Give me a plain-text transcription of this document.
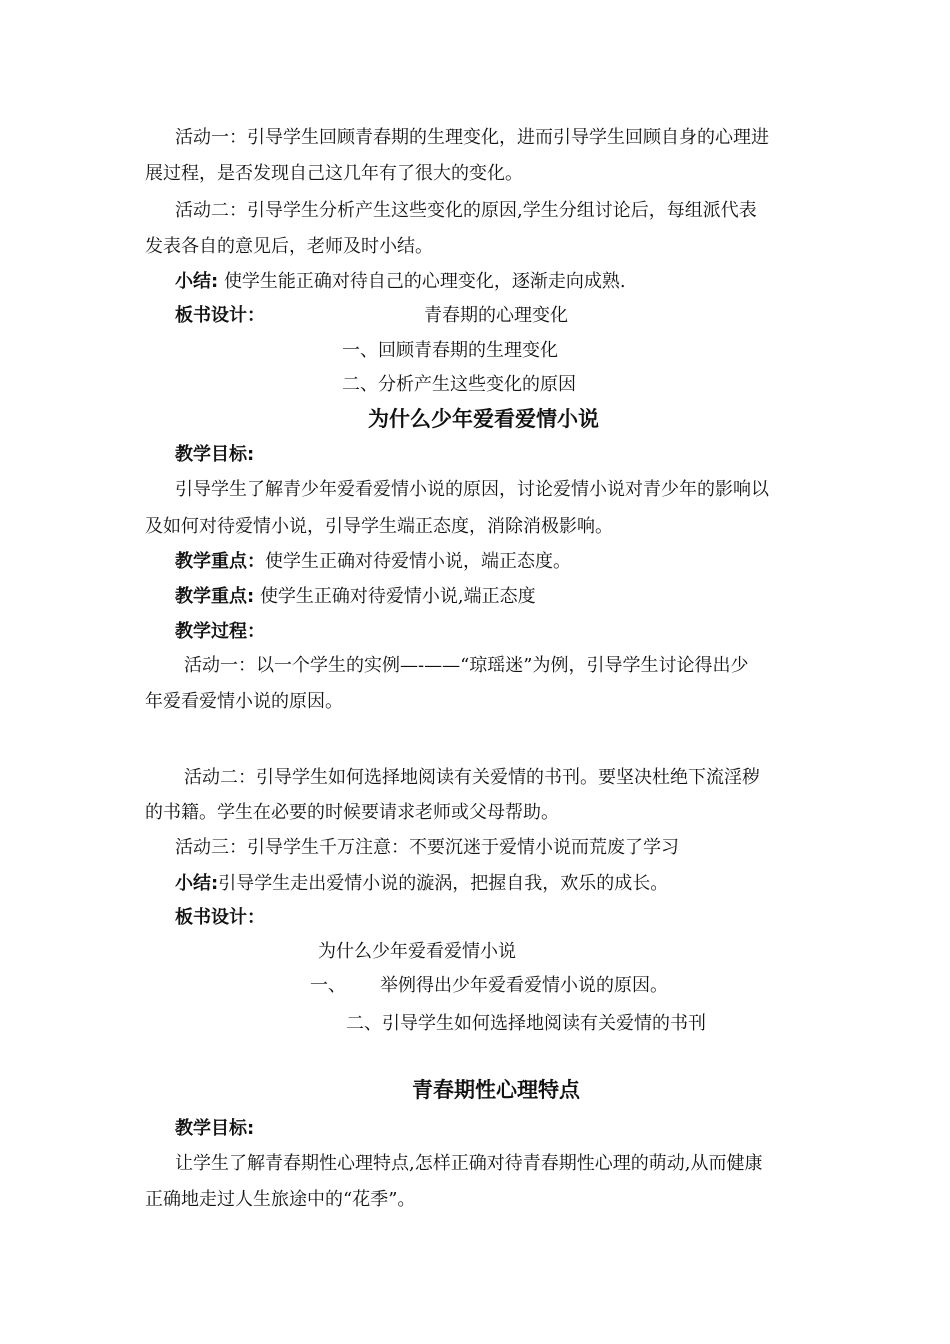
活动一：引导学生回顾青春期的生理变化，进而引导学生回顾自身的心理进

展过程，是否发现自己这几年有了很大的变化。

活动二：引导学生分析产生这些变化的原因,学生分组讨论后，每组派代表

发表各自的意见后，老师及时小结。

小结: 使学生能正确对待自己的心理变化，逐渐走向成熟.

板书设计：	青春期的心理变化

一、回顾青春期的生理变化

二、分析产生这些变化的原因

为什么少年爱看爱情小说

教学目标:

引导学生了解青少年爱看爱情小说的原因，讨论爱情小说对青少年的影响以

及如何对待爱情小说，引导学生端正态度，消除消极影响。

教学重点：使学生正确对待爱情小说，端正态度。

教学重点: 使学生正确对待爱情小说,端正态度

教学过程：

活动一：以一个学生的实例—-——“琼瑶迷”为例，引导学生讨论得出少

年爱看爱情小说的原因。

活动二：引导学生如何选择地阅读有关爱情的书刊。要坚决杜绝下流淫秽

的书籍。学生在必要的时候要请求老师或父母帮助。

活动三：引导学生千万注意：不要沉迷于爱情小说而荒废了学习

小结:引导学生走出爱情小说的漩涡，把握自我，欢乐的成长。

板书设计：

为什么少年爱看爱情小说

一、 举例得出少年爱看爱情小说的原因。

二、引导学生如何选择地阅读有关爱情的书刊

青春期性心理特点

教学目标:

让学生了解青春期性心理特点,怎样正确对待青春期性心理的萌动,从而健康

正确地走过人生旅途中的“花季”。
